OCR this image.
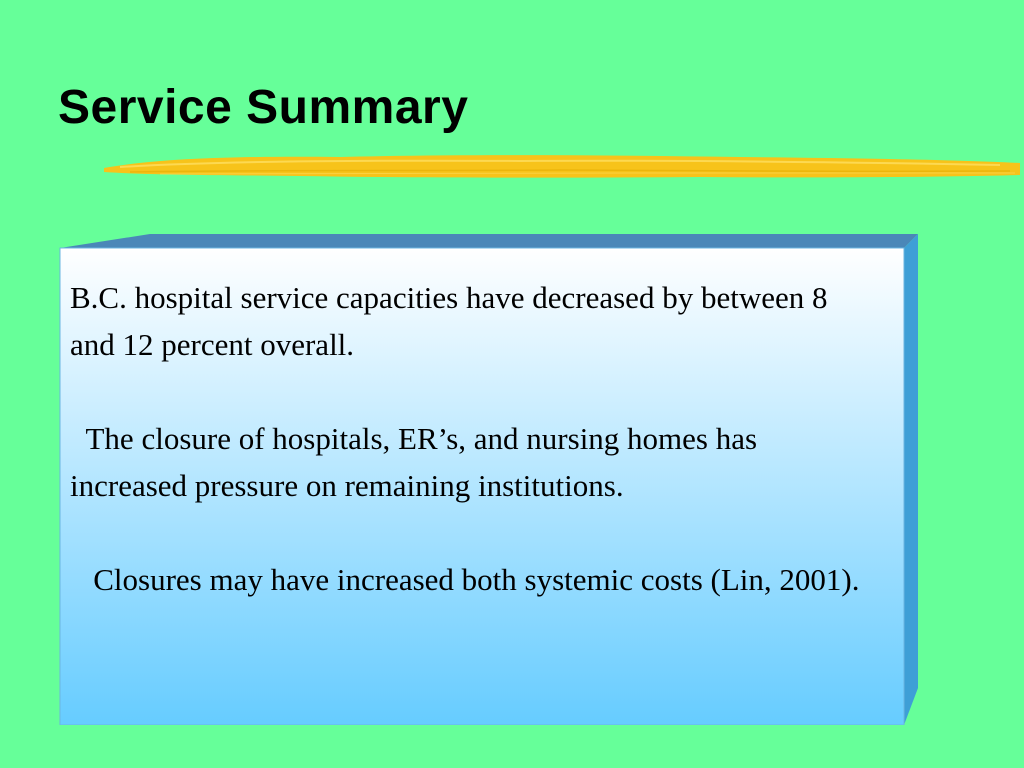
Service Summary

B.C. hospital service capacities have decreased by between 8 and 12 percent overall.

The closure of hospitals, ER’s, and nursing homes has increased pressure on remaining institutions.

Closures may have increased both systemic costs (Lin, 2001).
